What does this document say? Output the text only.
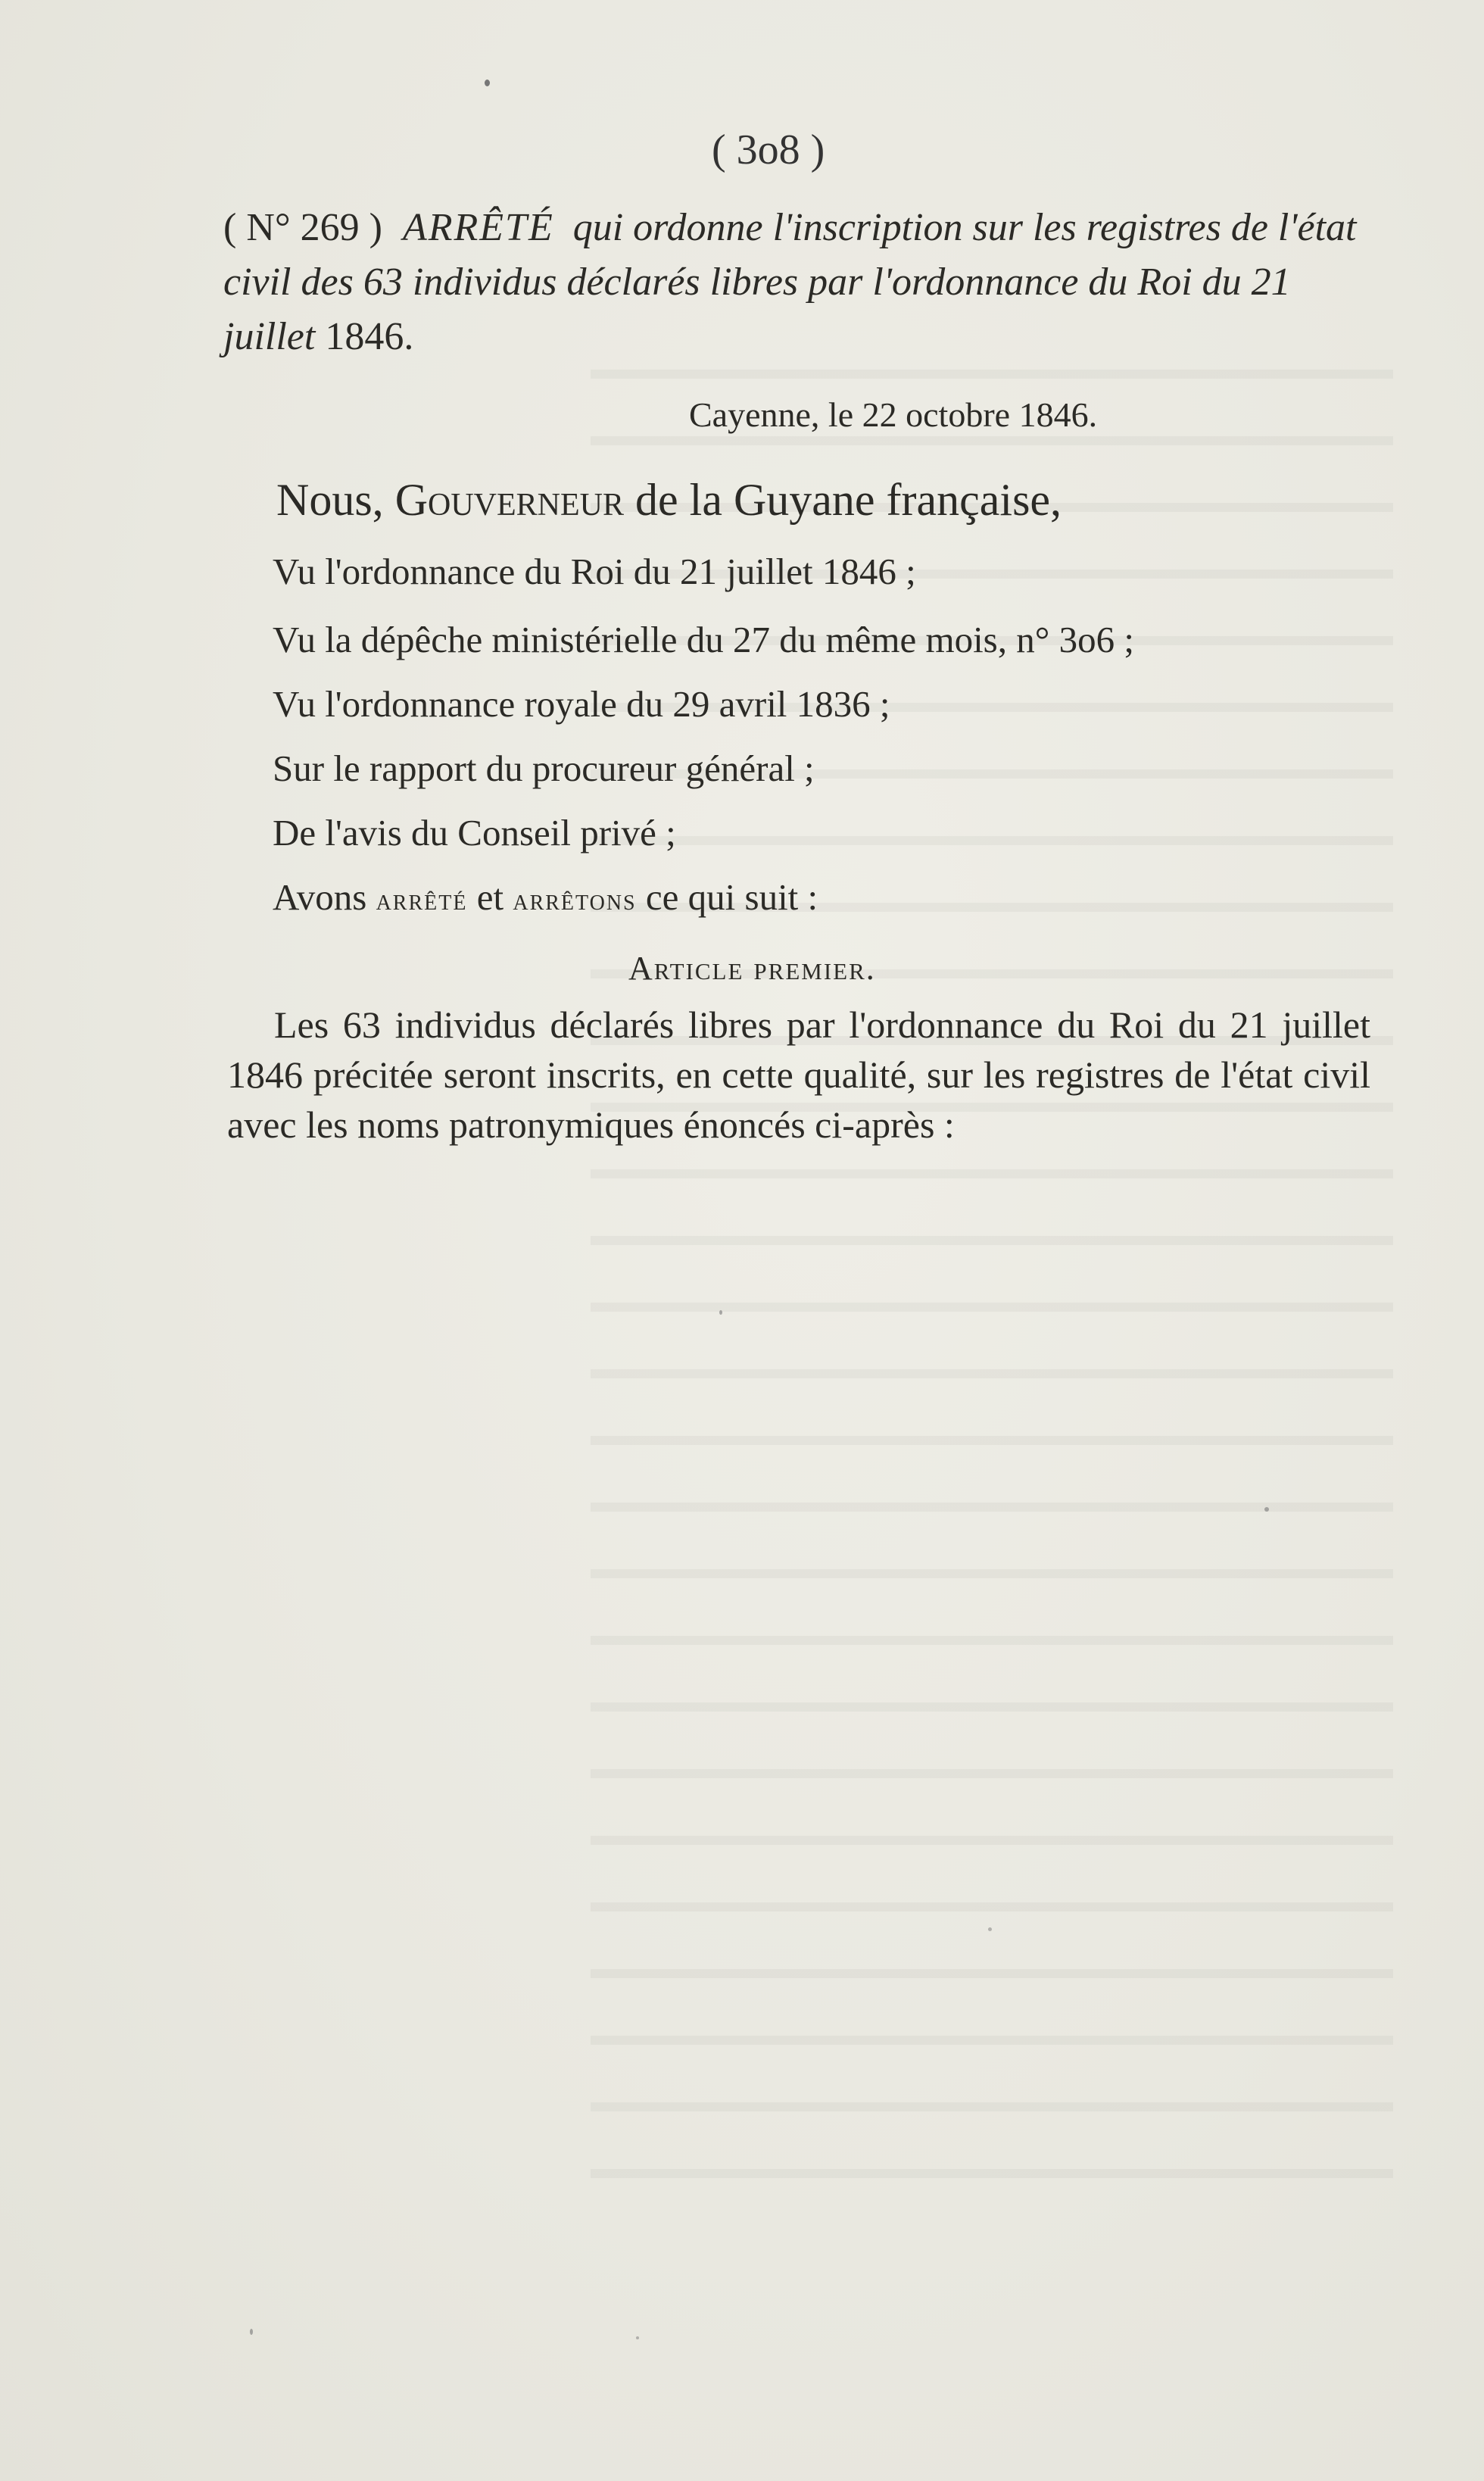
( 3o8 )
( N° 269 ) ARRÊTÉ qui ordonne l'inscription sur les registres de l'état civil des 63 individus déclarés libres par l'ordonnance du Roi du 21 juillet 1846.
Cayenne, le 22 octobre 1846.
Nous, Gouverneur de la Guyane française,
Vu l'ordonnance du Roi du 21 juillet 1846 ;
Vu la dépêche ministérielle du 27 du même mois, n° 3o6 ;
Vu l'ordonnance royale du 29 avril 1836 ;
Sur le rapport du procureur général ;
De l'avis du Conseil privé ;
Avons arrêté et arrêtons ce qui suit :
Article premier.
Les 63 individus déclarés libres par l'ordonnance du Roi du 21 juillet 1846 précitée seront inscrits, en cette qualité, sur les registres de l'état civil avec les noms patronymiques énoncés ci-après :
